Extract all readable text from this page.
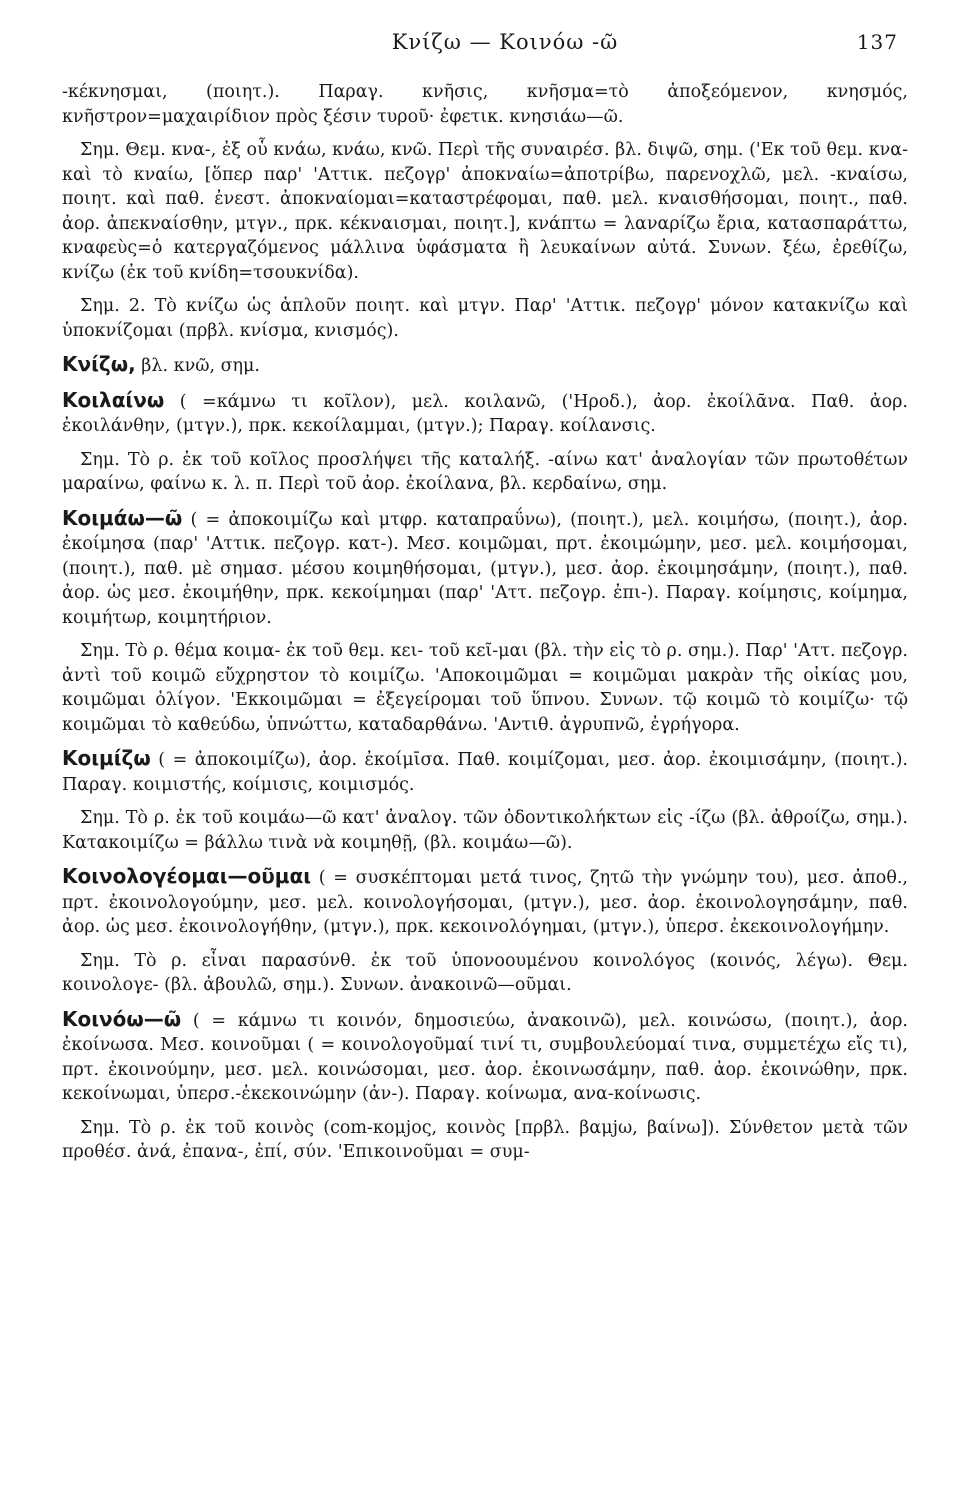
Κνίζω — Κοινόω -ῶ	137

-κέκνησμαι, (ποιητ.). Παραγ. κνῆσις, κνῆσμα=τὸ ἀποξεόμενον, κνησμός, κνῆστρον=μαχαιρίδιον πρὸς ξέσιν τυροῦ· ἐφετικ. κνησιάω—ῶ.

Σημ. Θεμ. κνα-, ἐξ οὗ κνάω, κνάω, κνῶ. Περὶ τῆς συναιρέσ. βλ. διψῶ, σημ. ('Εκ τοῦ θεμ. κνα- καὶ τὸ κναίω, [ὅπερ παρ' 'Αττικ. πεζογρ' ἀποκναίω=ἀποτρίβω, παρενοχλῶ, μελ. -κναίσω, ποιητ. καὶ παθ. ἐνεστ. ἀποκναίομαι=καταστρέφομαι, παθ. μελ. κναισθήσομαι, ποιητ., παθ. ἀορ. ἀπεκναίσθην, μτγν., πρκ. κέκναισμαι, ποιητ.], κνάπτω = λαναρίζω ἔρια, κατασπαράττω, κναφεὺς=ὁ κατεργαζόμενος μάλλινα ὑφάσματα ἢ λευκαίνων αὐτά. Συνων. ξέω, ἐρεθίζω, κνίζω (ἐκ τοῦ κνίδη=τσουκνίδα).

Σημ. 2. Τὸ κνίζω ὡς ἁπλοῦν ποιητ. καὶ μτγν. Παρ' 'Αττικ. πεζογρ' μόνον κατακνίζω καὶ ὑποκνίζομαι (πρβλ. κνίσμα, κνισμός).

Κνίζω, βλ. κνῶ, σημ.

Κοιλαίνω ( =κάμνω τι κοῖλον), μελ. κοιλανῶ, ('Ηροδ.), ἀορ. ἐκοίλᾱνα. Παθ. ἀορ. ἐκοιλάνθην, (μτγν.), πρκ. κεκοίλαμμαι, (μτγν.); Παραγ. κοίλανσις.

Σημ. Τὸ ρ. ἐκ τοῦ κοῖλος προσλήψει τῆς καταλήξ. -αίνω κατ' ἀναλογίαν τῶν πρωτοθέτων μαραίνω, φαίνω κ. λ. π. Περὶ τοῦ ἀορ. ἐκοίλανα, βλ. κερδαίνω, σημ.

Κοιμάω—ῶ ( = ἀποκοιμίζω καὶ μτφρ. καταπραΰνω), (ποιητ.), μελ. κοιμήσω, (ποιητ.), ἀορ. ἐκοίμησα (παρ' 'Αττικ. πεζογρ. κατ-). Μεσ. κοιμῶμαι, πρτ. ἐκοιμώμην, μεσ. μελ. κοιμήσομαι, (ποιητ.), παθ. μὲ σημασ. μέσου κοιμηθήσομαι, (μτγν.), μεσ. ἀορ. ἐκοιμησάμην, (ποιητ.), παθ. ἀορ. ὡς μεσ. ἐκοιμήθην, πρκ. κεκοίμημαι (παρ' 'Αττ. πεζογρ. ἐπι-). Παραγ. κοίμησις, κοίμημα, κοιμήτωρ, κοιμητήριον.

Σημ. Τὸ ρ. θέμα κοιμα- ἐκ τοῦ θεμ. κει- τοῦ κεῖ-μαι (βλ. τὴν εἰς τὸ ρ. σημ.). Παρ' 'Αττ. πεζογρ. ἀντὶ τοῦ κοιμῶ εὔχρηστον τὸ κοιμίζω. 'Αποκοιμῶμαι = κοιμῶμαι μακρὰν τῆς οἰκίας μου, κοιμῶμαι ὀλίγον. 'Εκκοιμῶμαι = ἐξεγείρομαι τοῦ ὕπνου. Συνων. τῷ κοιμῶ τὸ κοιμίζω· τῷ κοιμῶμαι τὸ καθεύδω, ὑπνώττω, καταδαρθάνω. 'Αντιθ. ἀγρυπνῶ, ἐγρήγορα.

Κοιμίζω ( = ἀποκοιμίζω), ἀορ. ἐκοίμῑσα. Παθ. κοιμίζομαι, μεσ. ἀορ. ἐκοιμισάμην, (ποιητ.). Παραγ. κοιμιστής, κοίμισις, κοιμισμός.

Σημ. Τὸ ρ. ἐκ τοῦ κοιμάω—ῶ κατ' ἀναλογ. τῶν ὀδοντικολήκτων εἰς -ίζω (βλ. ἀθροίζω, σημ.). Κατακοιμίζω = βάλλω τινὰ νὰ κοιμηθῇ, (βλ. κοιμάω—ῶ).

Κοινολογέομαι—οῦμαι ( = συσκέπτομαι μετά τινος, ζητῶ τὴν γνώμην του), μεσ. ἀποθ., πρτ. ἐκοινολογούμην, μεσ. μελ. κοινολογήσομαι, (μτγν.), μεσ. ἀορ. ἐκοινολογησάμην, παθ. ἀορ. ὡς μεσ. ἐκοινολογήθην, (μτγν.), πρκ. κεκοινολόγημαι, (μτγν.), ὑπερσ. ἐκεκοινολογήμην.

Σημ. Τὸ ρ. εἶναι παρασύνθ. ἐκ τοῦ ὑπονοουμένου κοινολόγος (κοινός, λέγω). Θεμ. κοινολογε- (βλ. ἀβουλῶ, σημ.). Συνων. ἀνακοινῶ—οῦμαι.

Κοινόω—ῶ ( = κάμνω τι κοινόν, δημοσιεύω, ἀνακοινῶ), μελ. κοινώσω, (ποιητ.), ἀορ. ἐκοίνωσα. Μεσ. κοινοῦμαι ( = κοινολογοῦμαί τινί τι, συμβουλεύομαί τινα, συμμετέχω εἴς τι), πρτ. ἐκοινούμην, μεσ. μελ. κοινώσομαι, μεσ. ἀορ. ἐκοινωσάμην, παθ. ἀορ. ἐκοινώθην, πρκ. κεκοίνωμαι, ὑπερσ.-ἐκεκοινώμην (ἀν-). Παραγ. κοίνωμα, ανα-κοίνωσις.

Σημ. Τὸ ρ. ἐκ τοῦ κοινὸς (com-κομjος, κοινὸς [πρβλ. βαμjω, βαίνω]). Σύνθετον μετὰ τῶν προθέσ. ἀνά, ἐπανα-, ἐπί, σύν. 'Επικοινοῦμαι = συμ-
